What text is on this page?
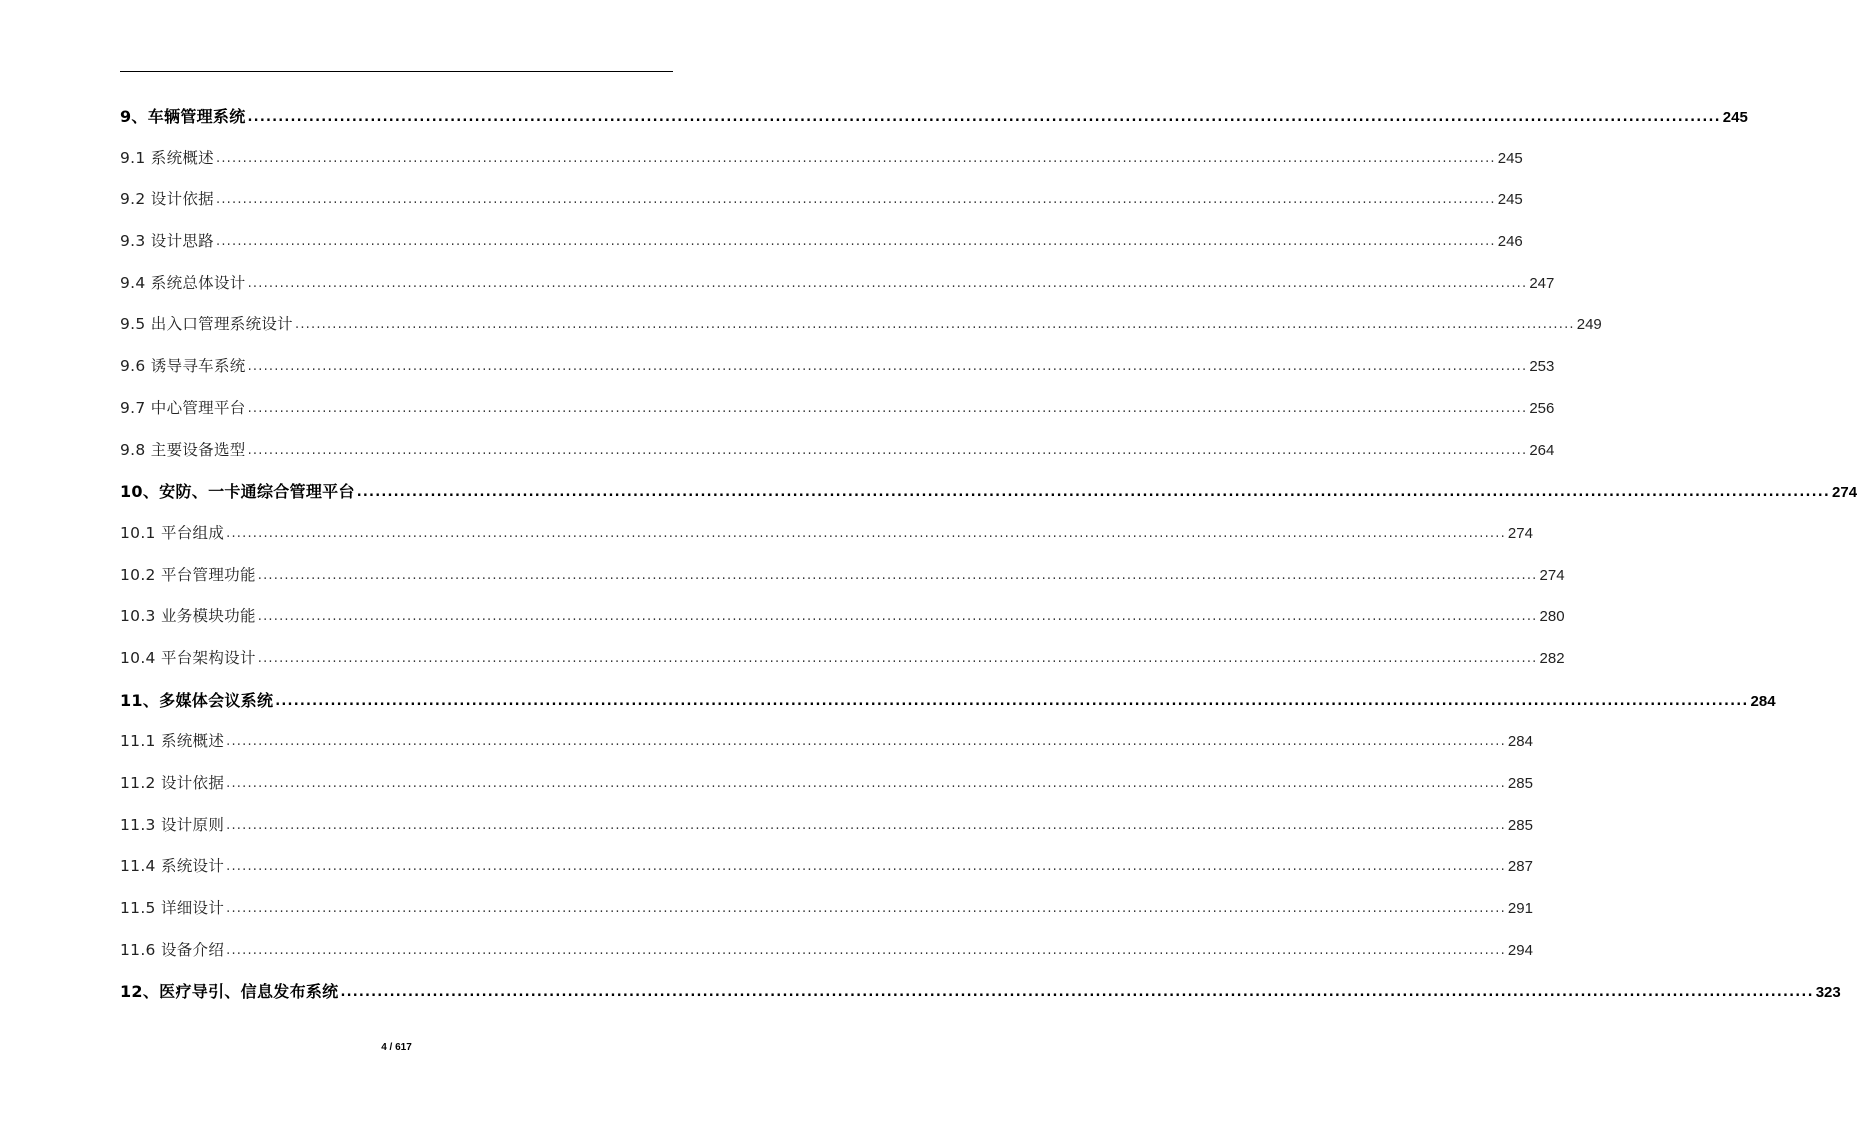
9、车辆管理系统 ................................................................................................................................................................................................................................................ 245
9.1 系统概述 ................................................................................................................................................................................................................................................ 245
9.2 设计依据 ................................................................................................................................................................................................................................................ 245
9.3 设计思路 ................................................................................................................................................................................................................................................ 246
9.4 系统总体设计 ................................................................................................................................................................................................................................................ 247
9.5 出入口管理系统设计 ................................................................................................................................................................................................................................................ 249
9.6 诱导寻车系统 ................................................................................................................................................................................................................................................ 253
9.7 中心管理平台 ................................................................................................................................................................................................................................................ 256
9.8 主要设备选型 ................................................................................................................................................................................................................................................ 264
10、安防、一卡通综合管理平台 ................................................................................................................................................................................................................................................ 274
10.1 平台组成 ................................................................................................................................................................................................................................................ 274
10.2 平台管理功能 ................................................................................................................................................................................................................................................ 274
10.3 业务模块功能 ................................................................................................................................................................................................................................................ 280
10.4 平台架构设计 ................................................................................................................................................................................................................................................ 282
11、多媒体会议系统 ................................................................................................................................................................................................................................................ 284
11.1 系统概述 ................................................................................................................................................................................................................................................ 284
11.2 设计依据 ................................................................................................................................................................................................................................................ 285
11.3 设计原则 ................................................................................................................................................................................................................................................ 285
11.4 系统设计 ................................................................................................................................................................................................................................................ 287
11.5 详细设计 ................................................................................................................................................................................................................................................ 291
11.6 设备介绍 ................................................................................................................................................................................................................................................ 294
12、医疗导引、信息发布系统 ................................................................................................................................................................................................................................................ 323
4 / 617
